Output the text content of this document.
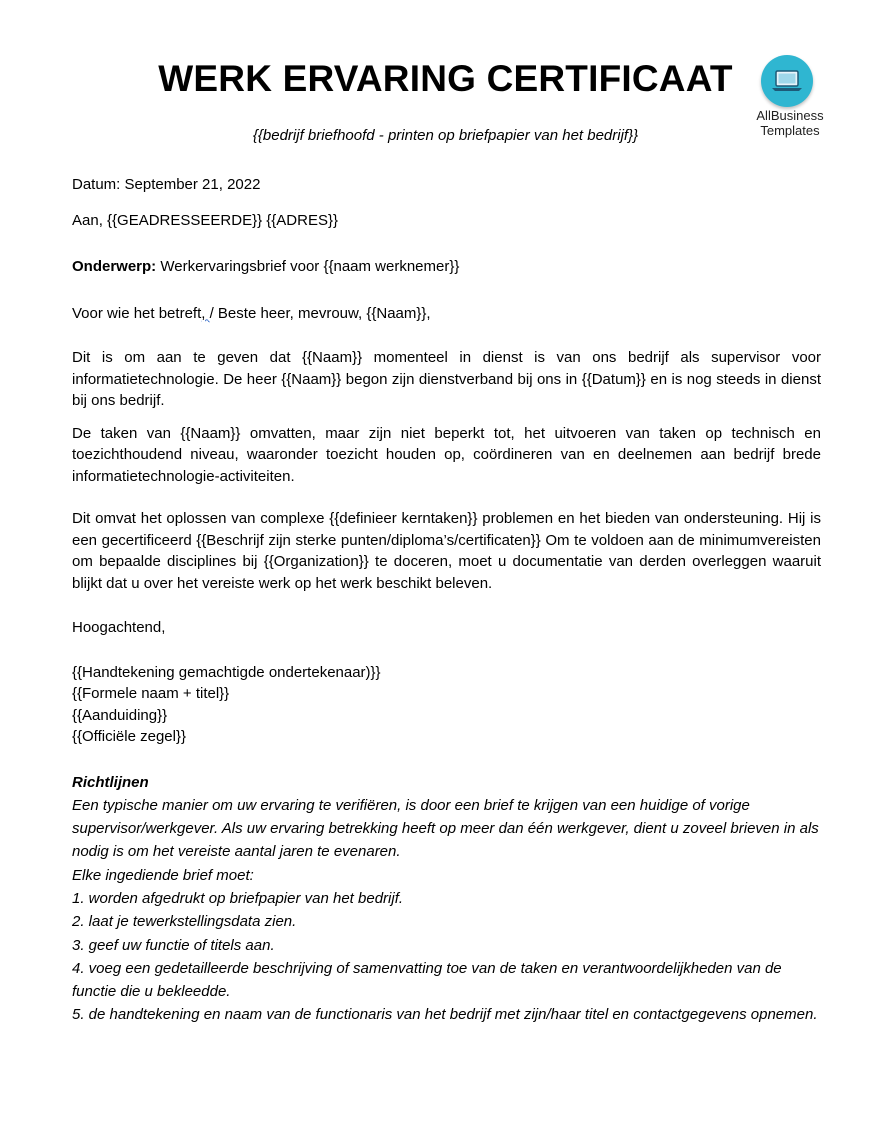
WERK ERVARING CERTIFICAAT
AllBusiness
Templates
{{bedrijf briefhoofd - printen op briefpapier van het bedrijf}}

Datum: September 21, 2022

Aan, {{GEADRESSEERDE}} {{ADRES}}

Onderwerp: Werkervaringsbrief voor {{naam werknemer}}

Voor wie het betreft, / Beste heer, mevrouw, {{Naam}},

Dit is om aan te geven dat {{Naam}} momenteel in dienst is van ons bedrijf als supervisor voor informatietechnologie. De heer {{Naam}} begon zijn dienstverband bij ons in {{Datum}} en is nog steeds in dienst bij ons bedrijf.

De taken van {{Naam}} omvatten, maar zijn niet beperkt tot, het uitvoeren van taken op technisch en toezichthoudend niveau, waaronder toezicht houden op, coördineren van en deelnemen aan bedrijf brede informatietechnologie-activiteiten.

Dit omvat het oplossen van complexe {{definieer kerntaken}} problemen en het bieden van ondersteuning. Hij is een gecertificeerd {{Beschrijf zijn sterke punten/diploma’s/certificaten}} Om te voldoen aan de minimumvereisten om bepaalde disciplines bij {{Organization}} te doceren, moet u documentatie van derden overleggen waaruit blijkt dat u over het vereiste werk op het werk beschikt beleven.

Hoogachtend,

{{Handtekening gemachtigde ondertekenaar)}}

{{Formele naam + titel}}

{{Aanduiding}}

{{Officiële zegel}}

Richtlijnen

Een typische manier om uw ervaring te verifiëren, is door een brief te krijgen van een huidige of vorige supervisor/werkgever. Als uw ervaring betrekking heeft op meer dan één werkgever, dient u zoveel brieven in als nodig is om het vereiste aantal jaren te evenaren.

Elke ingediende brief moet:

1. worden afgedrukt op briefpapier van het bedrijf.

2. laat je tewerkstellingsdata zien.

3. geef uw functie of titels aan.

4. voeg een gedetailleerde beschrijving of samenvatting toe van de taken en verantwoordelijkheden van de functie die u bekleedde.

5. de handtekening en naam van de functionaris van het bedrijf met zijn/haar titel en contactgegevens opnemen.
